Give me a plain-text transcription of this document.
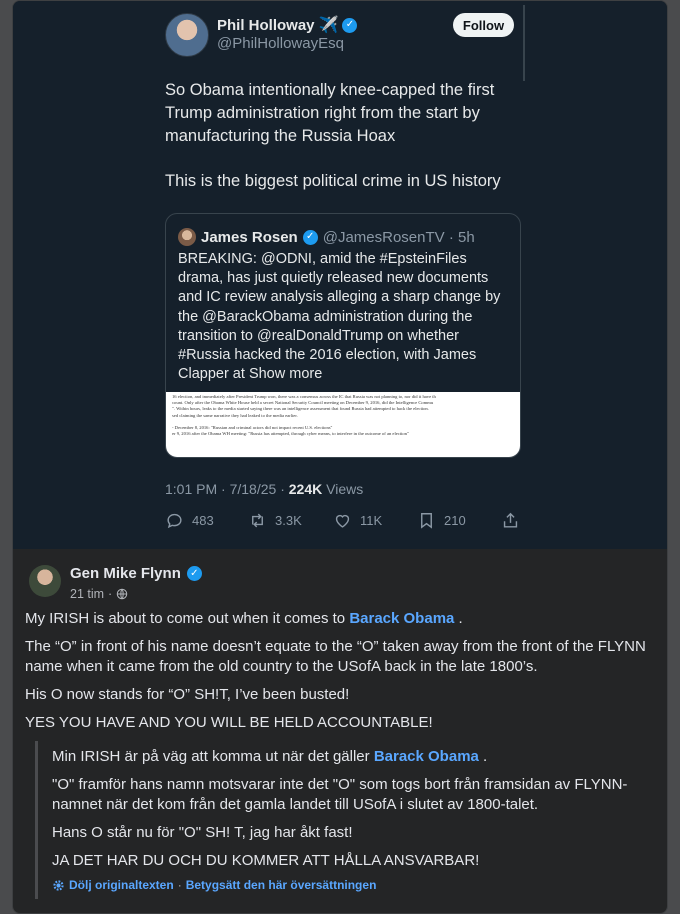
Phil Holloway ✈️ ✓
@PhilHollowayEsq
Follow

So Obama intentionally knee-capped the first Trump administration right from the start by manufacturing the Russia Hoax

This is the biggest political crime in US history

James Rosen ✓ @JamesRosenTV · 5h
BREAKING: @ODNI, amid the #EpsteinFiles drama, has just quietly released new documents and IC review analysis alleging a sharp change by the @BarackObama administration during the transition to @realDonaldTrump on whether #Russia hacked the 2016 election, with James Clapper at Show more
16 election, and immediately after President Trump won, there was a consensus across the IC that Russia was not planning to, nor did it have th
count. Only after the Obama White House held a secret National Security Council meeting on December 9, 2016, did the Intelligence Commu
". Within hours, leaks to the media started saying there was an intelligence assessment that found Russia had attempted to hack the election.
sed claiming the same narrative they had leaked to the media earlier.

- December 8, 2016: "Russian and criminal actors did not impact recent U.S. elections"
er 9, 2016 after the Obama WH meeting: "Russia has attempted, through cyber means, to interfere in the outcome of an election"
1:01 PM · 7/18/25 · 224K Views
483	3.3K	11K	210
Gen Mike Flynn ✓
21 tim ·

My IRISH is about to come out when it comes to Barack Obama .

The “O” in front of his name doesn’t equate to the “O” taken away from the front of the FLYNN name when it came from the old country to the USofA back in the late 1800’s.

His O now stands for “O” SH!T, I’ve been busted!

YES YOU HAVE AND YOU WILL BE HELD ACCOUNTABLE!

Min IRISH är på väg att komma ut när det gäller Barack Obama .

"O" framför hans namn motsvarar inte det "O" som togs bort från framsidan av FLYNN-namnet när det kom från det gamla landet till USofA i slutet av 1800-talet.

Hans O står nu för "O" SH! T, jag har åkt fast!

JA DET HAR DU OCH DU KOMMER ATT HÅLLA ANSVARBAR!

Dölj originaltexten · Betygsätt den här översättningen
